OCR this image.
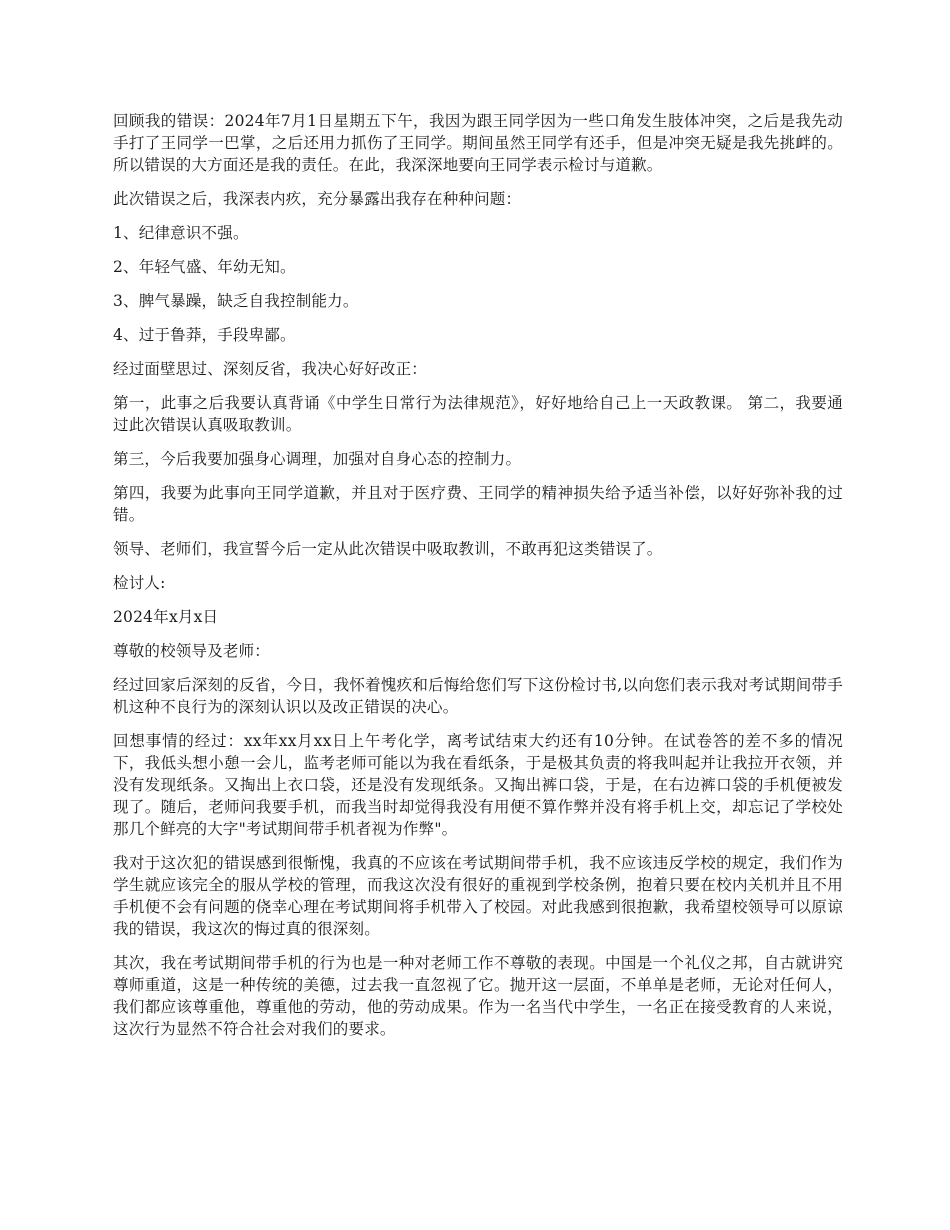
回顾我的错误：2024年7月1日星期五下午，我因为跟王同学因为一些口角发生肢体冲突，之后是我先动手打了王同学一巴掌，之后还用力抓伤了王同学。期间虽然王同学有还手，但是冲突无疑是我先挑衅的。所以错误的大方面还是我的责任。在此，我深深地要向王同学表示检讨与道歉。

此次错误之后，我深表内疚，充分暴露出我存在种种问题：

1、纪律意识不强。

2、年轻气盛、年幼无知。

3、脾气暴躁，缺乏自我控制能力。

4、过于鲁莽，手段卑鄙。

经过面壁思过、深刻反省，我决心好好改正：

第一，此事之后我要认真背诵《中学生日常行为法律规范》，好好地给自己上一天政教课。 第二，我要通过此次错误认真吸取教训。

第三，今后我要加强身心调理，加强对自身心态的控制力。

第四，我要为此事向王同学道歉，并且对于医疗费、王同学的精神损失给予适当补偿，以好好弥补我的过错。

领导、老师们，我宣誓今后一定从此次错误中吸取教训，不敢再犯这类错误了。

检讨人:

2024年x月x日

尊敬的校领导及老师：

经过回家后深刻的反省，今日，我怀着愧疚和后悔给您们写下这份检讨书,以向您们表示我对考试期间带手机这种不良行为的深刻认识以及改正错误的决心。

回想事情的经过：xx年xx月xx日上午考化学，离考试结束大约还有10分钟。在试卷答的差不多的情况下，我低头想小憩一会儿，监考老师可能以为我在看纸条，于是极其负责的将我叫起并让我拉开衣领，并没有发现纸条。又掏出上衣口袋，还是没有发现纸条。又掏出裤口袋，于是，在右边裤口袋的手机便被发现了。随后，老师问我要手机，而我当时却觉得我没有用便不算作弊并没有将手机上交，却忘记了学校处那几个鲜亮的大字"考试期间带手机者视为作弊"。

我对于这次犯的错误感到很惭愧，我真的不应该在考试期间带手机，我不应该违反学校的规定，我们作为学生就应该完全的服从学校的管理，而我这次没有很好的重视到学校条例，抱着只要在校内关机并且不用手机便不会有问题的侥幸心理在考试期间将手机带入了校园。对此我感到很抱歉，我希望校领导可以原谅我的错误，我这次的悔过真的很深刻。

其次，我在考试期间带手机的行为也是一种对老师工作不尊敬的表现。中国是一个礼仪之邦，自古就讲究尊师重道，这是一种传统的美德，过去我一直忽视了它。抛开这一层面，不单单是老师，无论对任何人，我们都应该尊重他，尊重他的劳动，他的劳动成果。作为一名当代中学生，一名正在接受教育的人来说，这次行为显然不符合社会对我们的要求。
